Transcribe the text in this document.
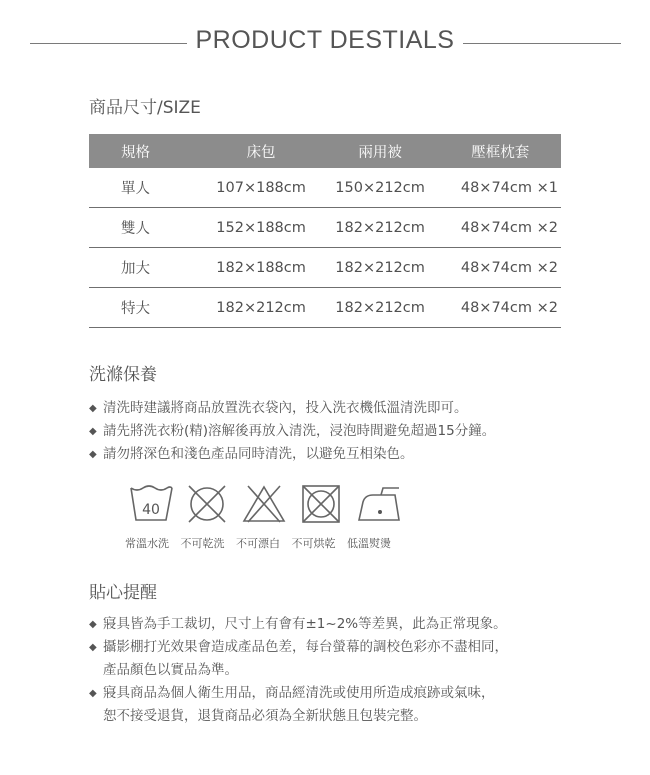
PRODUCT DESTIALS
商品尺寸/SIZE
規格	床包	兩用被	壓框枕套
單人	107×188cm	150×212cm	48×74cm ×1
雙人	152×188cm	182×212cm	48×74cm ×2
加大	182×188cm	182×212cm	48×74cm ×2
特大	182×212cm	182×212cm	48×74cm ×2
洗滌保養
◆ 清洗時建議將商品放置洗衣袋內，投入洗衣機低溫清洗即可。
◆ 請先將洗衣粉(精)溶解後再放入清洗，浸泡時間避免超過15分鐘。
◆ 請勿將深色和淺色產品同時清洗，以避免互相染色。
40
常溫水洗 不可乾洗 不可漂白 不可烘乾 低溫熨燙
貼心提醒
◆ 寢具皆為手工裁切，尺寸上有會有±1~2%等差異，此為正常現象。
◆ 攝影棚打光效果會造成產品色差，每台螢幕的調校色彩亦不盡相同，
產品顏色以實品為準。
◆ 寢具商品為個人衛生用品，商品經清洗或使用所造成痕跡或氣味，
恕不接受退貨，退貨商品必須為全新狀態且包裝完整。
